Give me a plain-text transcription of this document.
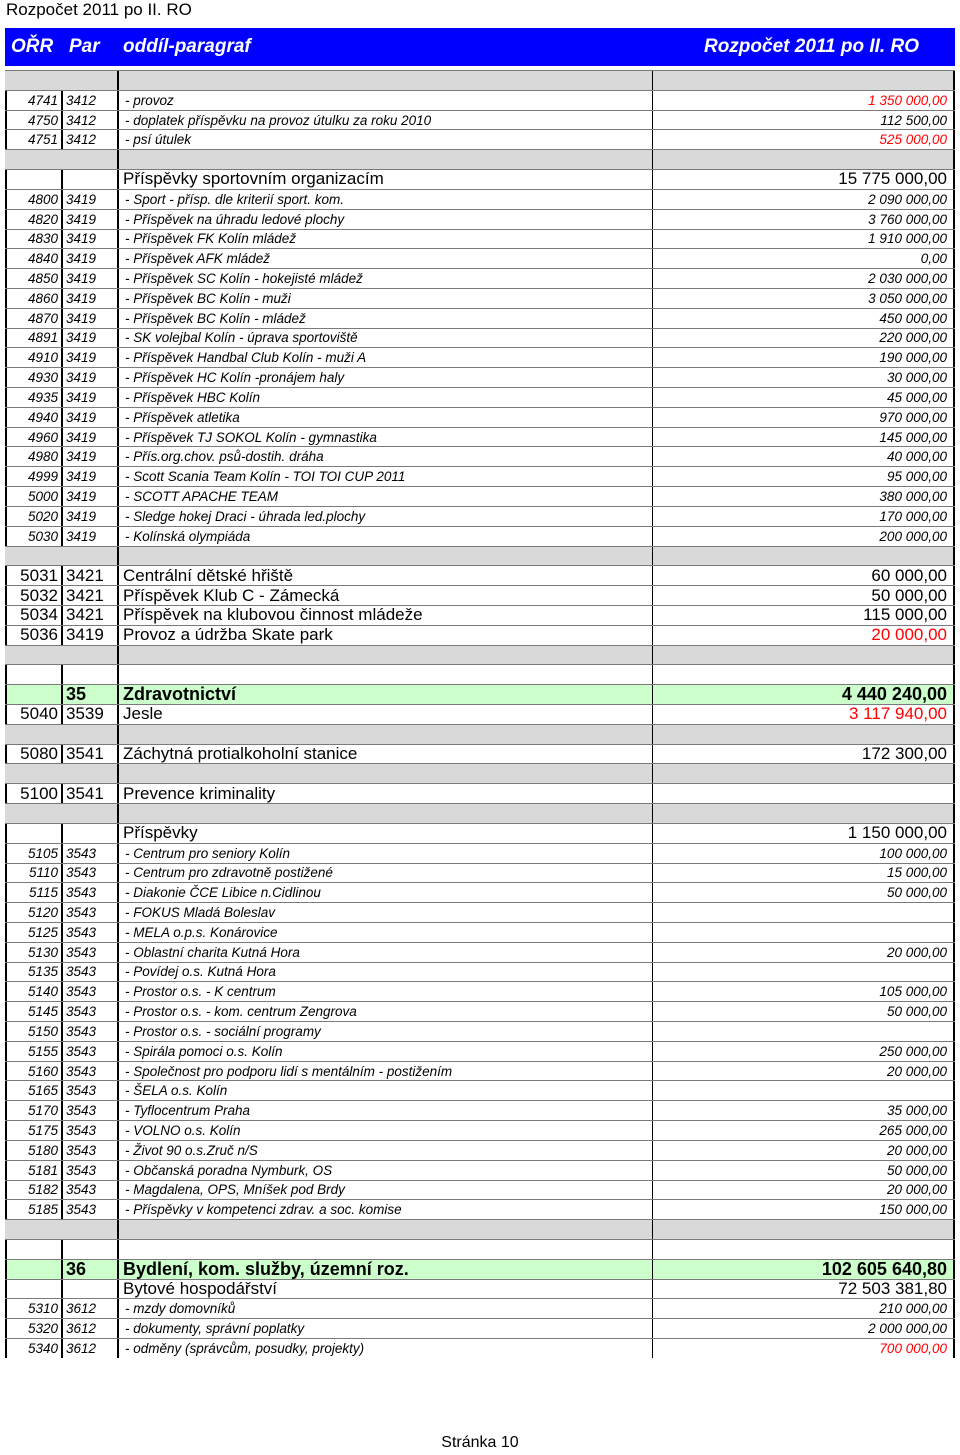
Rozpočet 2011 po II. RO
OŘR Par oddíl-paragraf	Rozpočet 2011 po II. RO
4741 3412	- provoz	1 350 000,00
4750 3412	- doplatek příspěvku na provoz útulku za roku 2010	112 500,00
4751 3412	- psí útulek	525 000,00
Příspěvky sportovním organizacím	15 775 000,00
4800 3419	- Sport - přísp. dle kriterií sport. kom.	2 090 000,00
4820 3419	- Příspěvek na úhradu ledové plochy	3 760 000,00
4830 3419	- Příspěvek FK Kolín mládež	1 910 000,00
4840 3419	- Příspěvek AFK mládež	0,00
4850 3419	- Příspěvek SC Kolín - hokejisté mládež	2 030 000,00
4860 3419	- Příspěvek BC Kolín - muži	3 050 000,00
4870 3419	- Příspěvek BC Kolín - mládež	450 000,00
4891 3419	- SK volejbal Kolín - úprava sportoviště	220 000,00
4910 3419	- Příspěvek Handbal Club Kolín - muži A	190 000,00
4930 3419	- Příspěvek HC Kolín -pronájem haly	30 000,00
4935 3419	- Příspěvek HBC Kolín	45 000,00
4940 3419	- Příspěvek atletika	970 000,00
4960 3419	- Příspěvek TJ SOKOL Kolín - gymnastika	145 000,00
4980 3419	- Přís.org.chov. psů-dostih. dráha	40 000,00
4999 3419	- Scott Scania Team Kolín - TOI TOI CUP 2011	95 000,00
5000 3419	- SCOTT APACHE TEAM	380 000,00
5020 3419	- Sledge hokej Draci - úhrada led.plochy	170 000,00
5030 3419	- Kolínská olympiáda	200 000,00
5031 3421	Centrální dětské hřiště	60 000,00
5032 3421	Příspěvek Klub C - Zámecká	50 000,00
5034 3421	Příspěvek na klubovou činnost mládeže	115 000,00
5036 3419	Provoz a údržba Skate park	20 000,00
35	Zdravotnictví	4 440 240,00
5040 3539	Jesle	3 117 940,00
5080 3541	Záchytná protialkoholní stanice	172 300,00
5100 3541	Prevence kriminality
Příspěvky	1 150 000,00
5105 3543	- Centrum pro seniory Kolín	100 000,00
5110 3543	- Centrum pro zdravotně postižené	15 000,00
5115 3543	- Diakonie ČCE Libice n.Cidlinou	50 000,00
5120 3543	- FOKUS Mladá Boleslav
5125 3543	- MELA o.p.s. Konárovice
5130 3543	- Oblastní charita Kutná Hora	20 000,00
5135 3543	- Povídej o.s. Kutná Hora
5140 3543	- Prostor o.s. - K centrum	105 000,00
5145 3543	- Prostor o.s. - kom. centrum Zengrova	50 000,00
5150 3543	- Prostor o.s. - sociální programy
5155 3543	- Spirála pomoci o.s. Kolín	250 000,00
5160 3543	- Společnost pro podporu lidí s mentálním - postižením	20 000,00
5165 3543	- ŠELA o.s. Kolín
5170 3543	- Tyflocentrum Praha	35 000,00
5175 3543	- VOLNO o.s. Kolín	265 000,00
5180 3543	- Život 90 o.s.Zruč n/S	20 000,00
5181 3543	- Občanská poradna Nymburk, OS	50 000,00
5182 3543	- Magdalena, OPS, Mníšek pod Brdy	20 000,00
5185 3543	- Příspěvky v kompetenci zdrav. a soc. komise	150 000,00
36	Bydlení, kom. služby, územní roz.	102 605 640,80
Bytové hospodářství	72 503 381,80
5310 3612	- mzdy domovníků	210 000,00
5320 3612	- dokumenty, správní poplatky	2 000 000,00
5340 3612	- odměny (správcům, posudky, projekty)	700 000,00
Stránka 10
